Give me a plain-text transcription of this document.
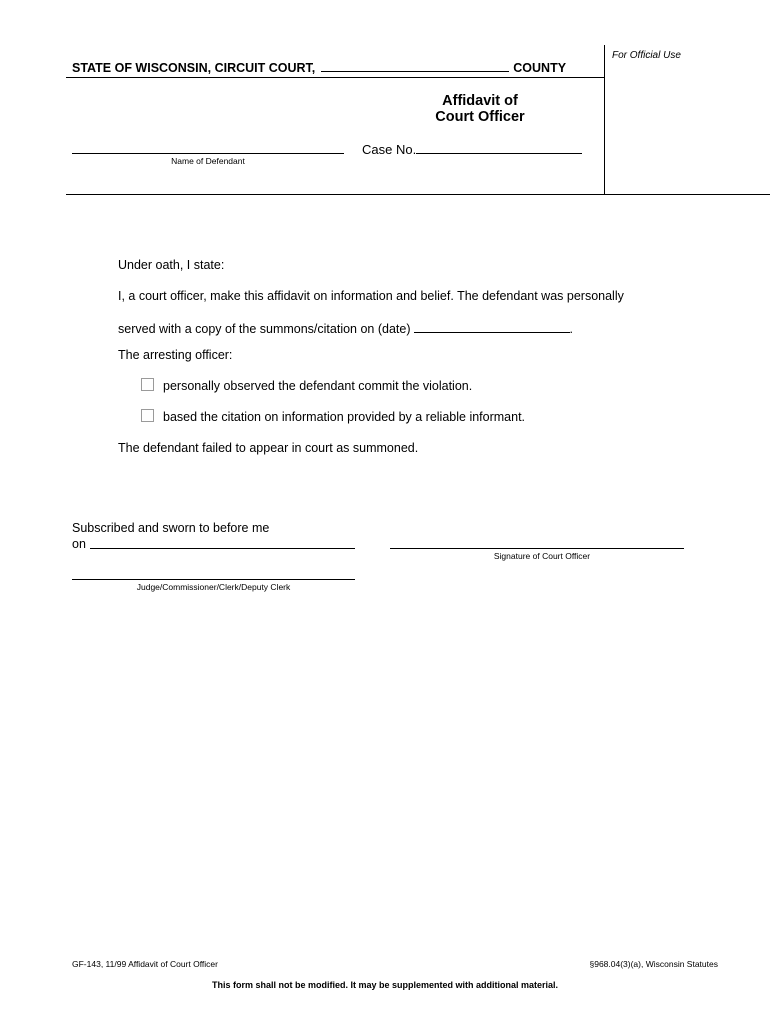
STATE OF WISCONSIN, CIRCUIT COURT,	COUNTY
For Official Use
Affidavit of
Court Officer
Name of Defendant
Case No.
Under oath, I state:
I, a court officer, make this affidavit on information and belief. The defendant was personally
served with a copy of the summons/citation on (date)	.
The arresting officer:
personally observed the defendant commit the violation.
based the citation on information provided by a reliable informant.
The defendant failed to appear in court as summoned.
Subscribed and sworn to before me
on
Signature of Court Officer
Judge/Commissioner/Clerk/Deputy Clerk
GF-143, 11/99 Affidavit of Court Officer	§968.04(3)(a), Wisconsin Statutes
This form shall not be modified. It may be supplemented with additional material.
